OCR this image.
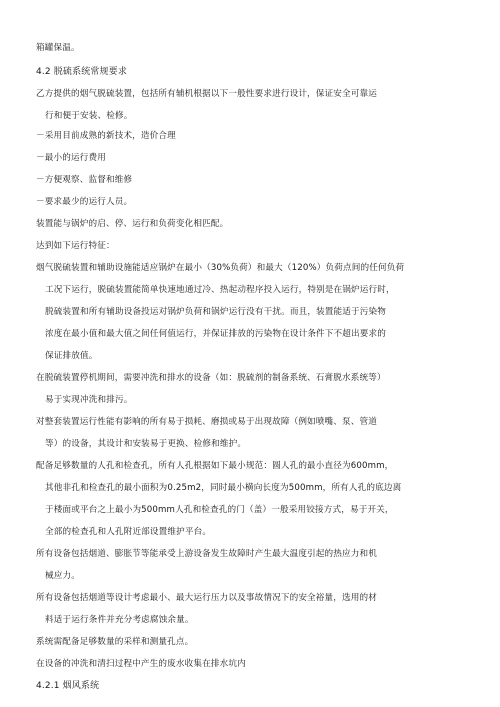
箱罐保温。
4.2 脱硫系统常规要求
乙方提供的烟气脱硫装置，包括所有辅机根据以下一般性要求进行设计，保证安全可靠运
行和便于安装、检修。
－采用目前成熟的新技术，造价合理
－最小的运行费用
－方便观察、监督和维修
－要求最少的运行人员。
装置能与锅炉的启、停、运行和负荷变化相匹配。
达到如下运行特征：
烟气脱硫装置和辅助设施能适应锅炉在最小（30%负荷）和最大（120%）负荷点间的任何负荷
工况下运行，脱硫装置能简单快速地通过冷、热起动程序投入运行，特别是在锅炉运行时，
脱硫装置和所有辅助设备投运对锅炉负荷和锅炉运行没有干扰。而且，装置能适于污染物
浓度在最小值和最大值之间任何值运行，并保证排放的污染物在设计条件下不超出要求的
保证排放值。
在脱硫装置停机期间，需要冲洗和排水的设备（如：脱硫剂的制备系统、石膏脱水系统等）
易于实现冲洗和排污。
对整套装置运行性能有影响的所有易于损耗、磨损或易于出现故障（例如喷嘴、泵、管道
等）的设备，其设计和安装易于更换、检修和维护。
配备足够数量的人孔和检查孔，所有人孔根据如下最小规范：圆人孔的最小直径为600mm，
其他非孔和检查孔的最小面积为0.25m2，同时最小横向长度为500mm，所有人孔的底边离
于楼面或平台之上最小为500mm人孔和检查孔的门（盖）一般采用铰接方式，易于开关，
全部的检查孔和人孔附近部设置维护平台。
所有设备包括烟道、膨胀节等能承受上游设备发生故障时产生最大温度引起的热应力和机
械应力。
所有设备包括烟道等设计考虑最小、最大运行压力以及事故情况下的安全裕量，选用的材
料适于运行条件并充分考虑腐蚀余量。
系统需配备足够数量的采样和测量孔点。
在设备的冲洗和清扫过程中产生的废水收集在排水坑内
4.2.1 烟风系统
